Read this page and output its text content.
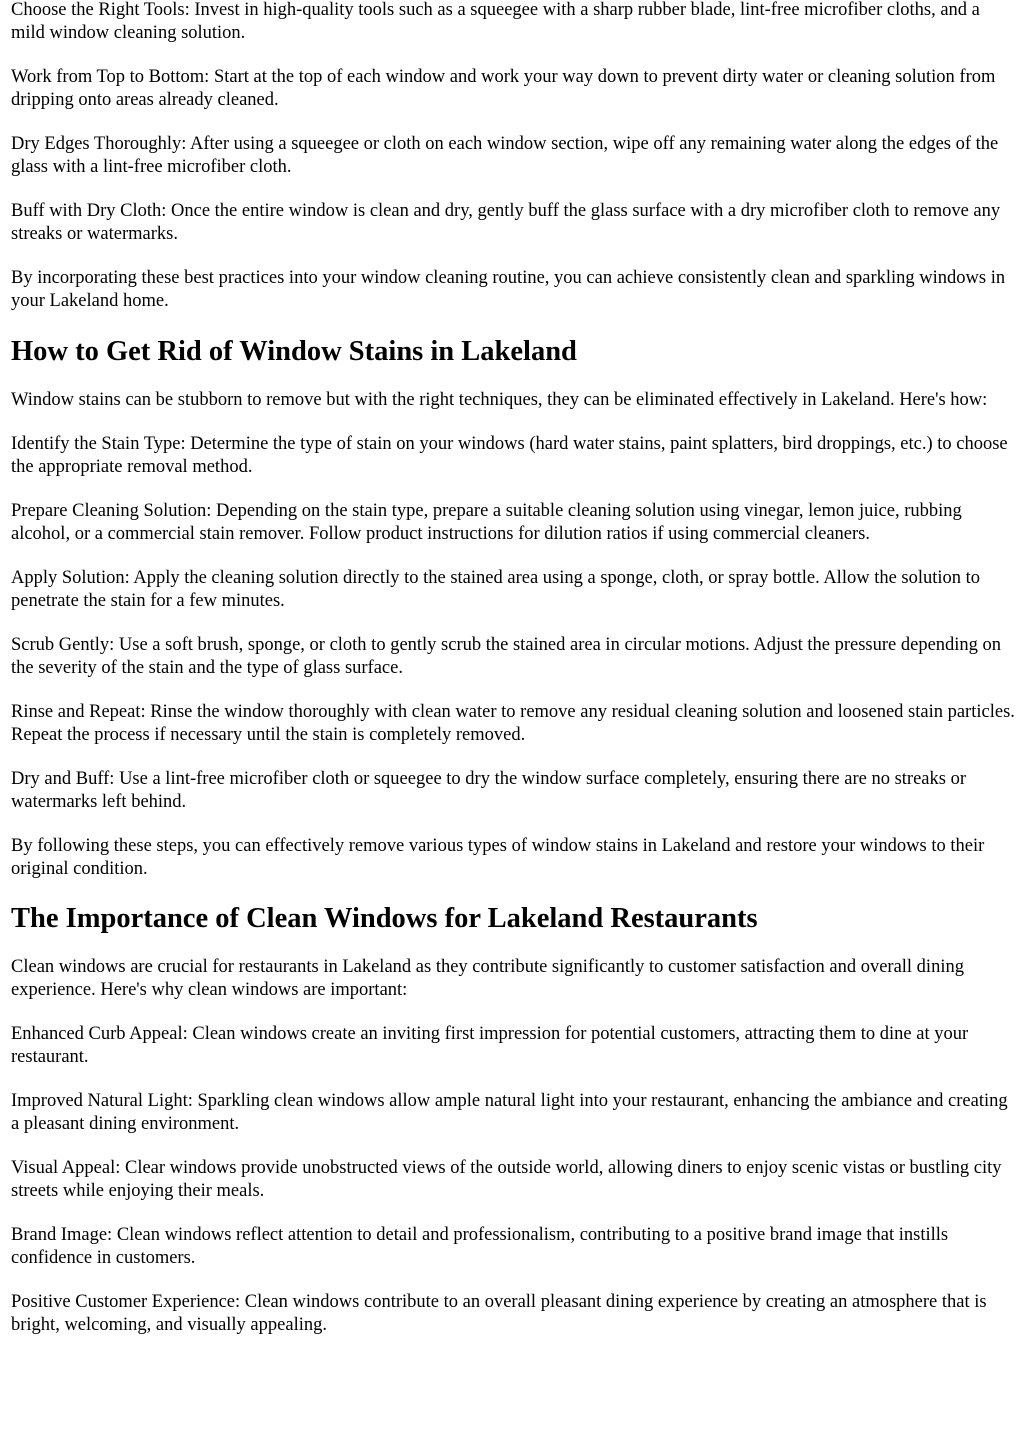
Choose the Right Tools: Invest in high-quality tools such as a squeegee with a sharp rubber blade, lint-free microfiber cloths, and a mild window cleaning solution.

Work from Top to Bottom: Start at the top of each window and work your way down to prevent dirty water or cleaning solution from dripping onto areas already cleaned.

Dry Edges Thoroughly: After using a squeegee or cloth on each window section, wipe off any remaining water along the edges of the glass with a lint-free microfiber cloth.

Buff with Dry Cloth: Once the entire window is clean and dry, gently buff the glass surface with a dry microfiber cloth to remove any streaks or watermarks.

By incorporating these best practices into your window cleaning routine, you can achieve consistently clean and sparkling windows in your Lakeland home.

How to Get Rid of Window Stains in Lakeland

Window stains can be stubborn to remove but with the right techniques, they can be eliminated effectively in Lakeland. Here's how:

Identify the Stain Type: Determine the type of stain on your windows (hard water stains, paint splatters, bird droppings, etc.) to choose the appropriate removal method.

Prepare Cleaning Solution: Depending on the stain type, prepare a suitable cleaning solution using vinegar, lemon juice, rubbing alcohol, or a commercial stain remover. Follow product instructions for dilution ratios if using commercial cleaners.

Apply Solution: Apply the cleaning solution directly to the stained area using a sponge, cloth, or spray bottle. Allow the solution to penetrate the stain for a few minutes.

Scrub Gently: Use a soft brush, sponge, or cloth to gently scrub the stained area in circular motions. Adjust the pressure depending on the severity of the stain and the type of glass surface.

Rinse and Repeat: Rinse the window thoroughly with clean water to remove any residual cleaning solution and loosened stain particles. Repeat the process if necessary until the stain is completely removed.

Dry and Buff: Use a lint-free microfiber cloth or squeegee to dry the window surface completely, ensuring there are no streaks or watermarks left behind.

By following these steps, you can effectively remove various types of window stains in Lakeland and restore your windows to their original condition.

The Importance of Clean Windows for Lakeland Restaurants

Clean windows are crucial for restaurants in Lakeland as they contribute significantly to customer satisfaction and overall dining experience. Here's why clean windows are important:

Enhanced Curb Appeal: Clean windows create an inviting first impression for potential customers, attracting them to dine at your restaurant.

Improved Natural Light: Sparkling clean windows allow ample natural light into your restaurant, enhancing the ambiance and creating a pleasant dining environment.

Visual Appeal: Clear windows provide unobstructed views of the outside world, allowing diners to enjoy scenic vistas or bustling city streets while enjoying their meals.

Brand Image: Clean windows reflect attention to detail and professionalism, contributing to a positive brand image that instills confidence in customers.

Positive Customer Experience: Clean windows contribute to an overall pleasant dining experience by creating an atmosphere that is bright, welcoming, and visually appealing.
